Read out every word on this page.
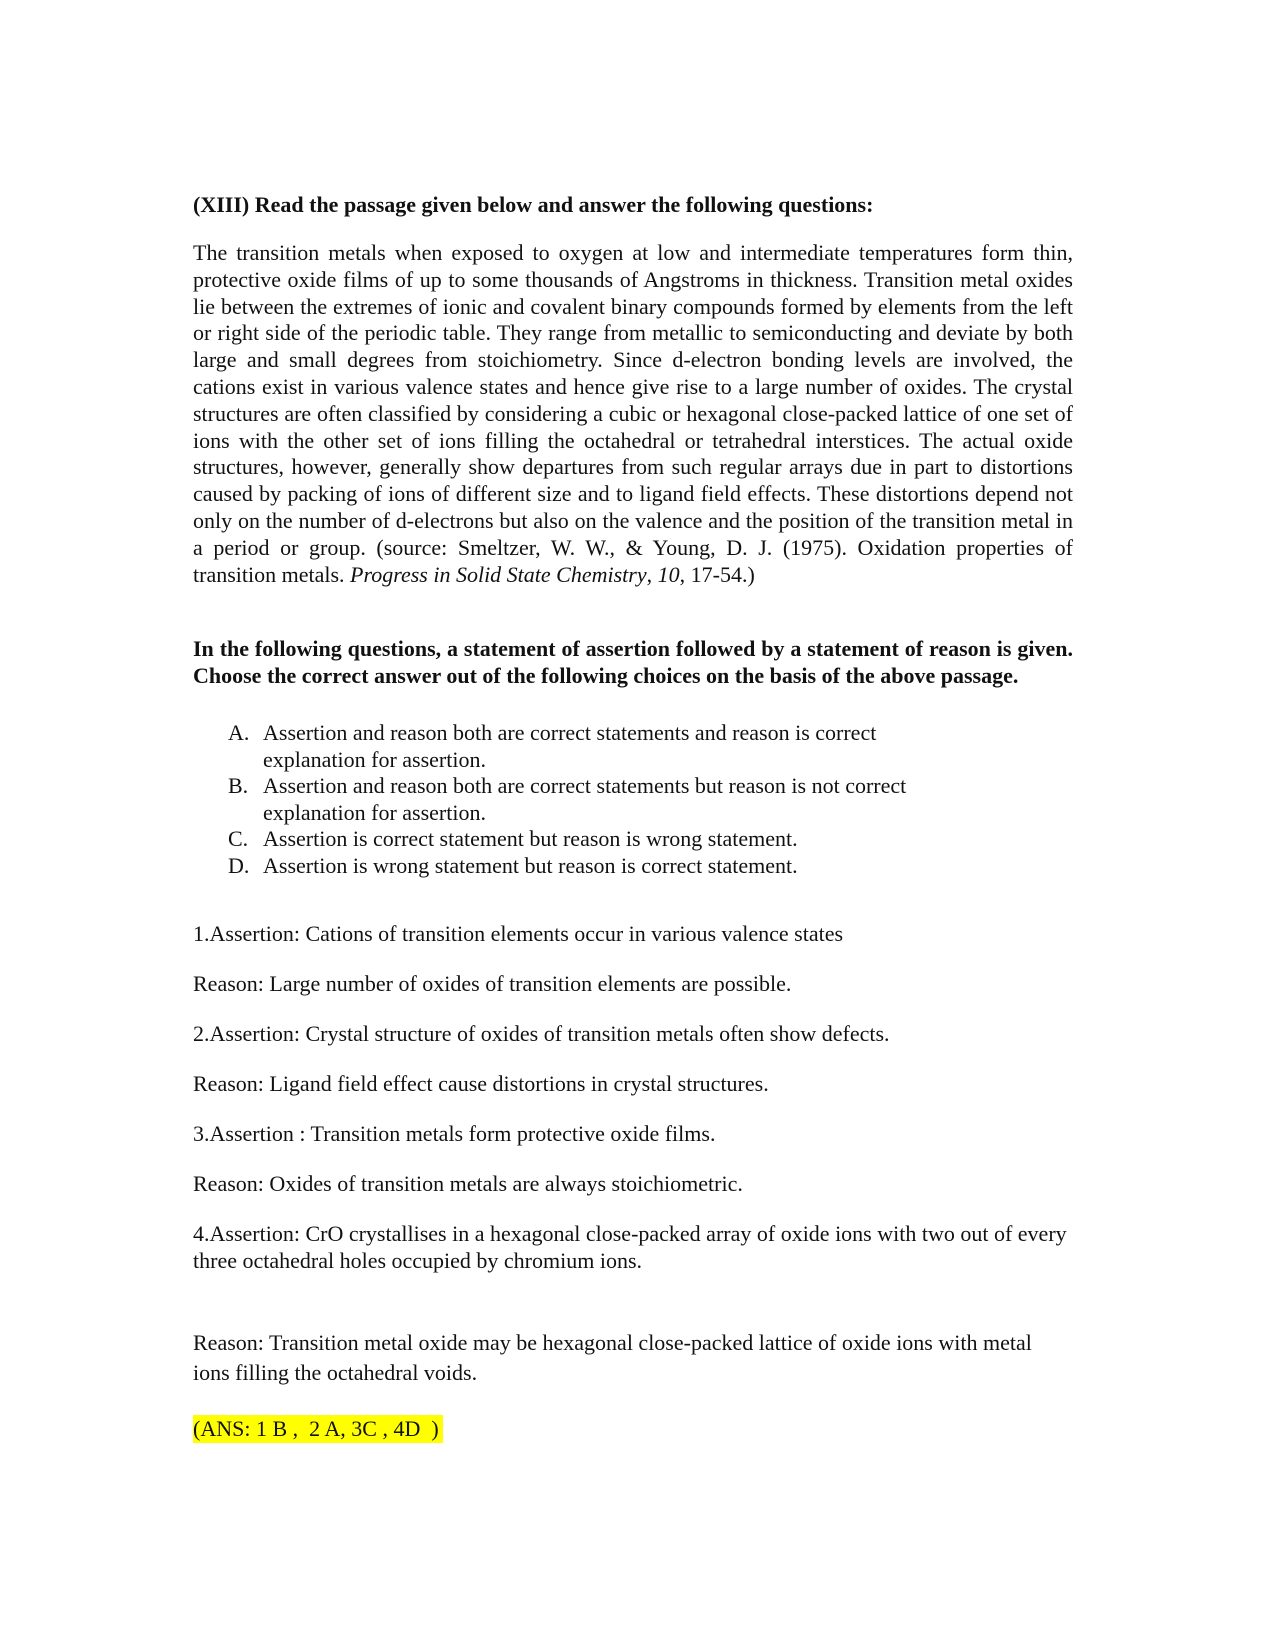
(XIII) Read the passage given below and answer the following questions:

The transition metals when exposed to oxygen at low and intermediate temperatures form thin, protective oxide films of up to some thousands of Angstroms in thickness. Transition metal oxides lie between the extremes of ionic and covalent binary compounds formed by elements from the left or right side of the periodic table. They range from metallic to semiconducting and deviate by both large and small degrees from stoichiometry. Since d-electron bonding levels are involved, the cations exist in various valence states and hence give rise to a large number of oxides. The crystal structures are often classified by considering a cubic or hexagonal close-packed lattice of one set of ions with the other set of ions filling the octahedral or tetrahedral interstices. The actual oxide structures, however, generally show departures from such regular arrays due in part to distortions caused by packing of ions of different size and to ligand field effects. These distortions depend not only on the number of d-electrons but also on the valence and the position of the transition metal in a period or group. (source: Smeltzer, W. W., & Young, D. J. (1975). Oxidation properties of transition metals. Progress in Solid State Chemistry, 10, 17-54.)

In the following questions, a statement of assertion followed by a statement of reason is given. Choose the correct answer out of the following choices on the basis of the above passage.

A. Assertion and reason both are correct statements and reason is correct explanation for assertion.
B. Assertion and reason both are correct statements but reason is not correct explanation for assertion.
C. Assertion is correct statement but reason is wrong statement.
D. Assertion is wrong statement but reason is correct statement.

1.Assertion: Cations of transition elements occur in various valence states

Reason: Large number of oxides of transition elements are possible.

2.Assertion: Crystal structure of oxides of transition metals often show defects.

Reason: Ligand field effect cause distortions in crystal structures.

3.Assertion : Transition metals form protective oxide films.

Reason: Oxides of transition metals are always stoichiometric.

4.Assertion: CrO crystallises in a hexagonal close-packed array of oxide ions with two out of every three octahedral holes occupied by chromium ions.

Reason: Transition metal oxide may be hexagonal close-packed lattice of oxide ions with metal ions filling the octahedral voids.

(ANS: 1 B ,  2 A, 3C , 4D  )
